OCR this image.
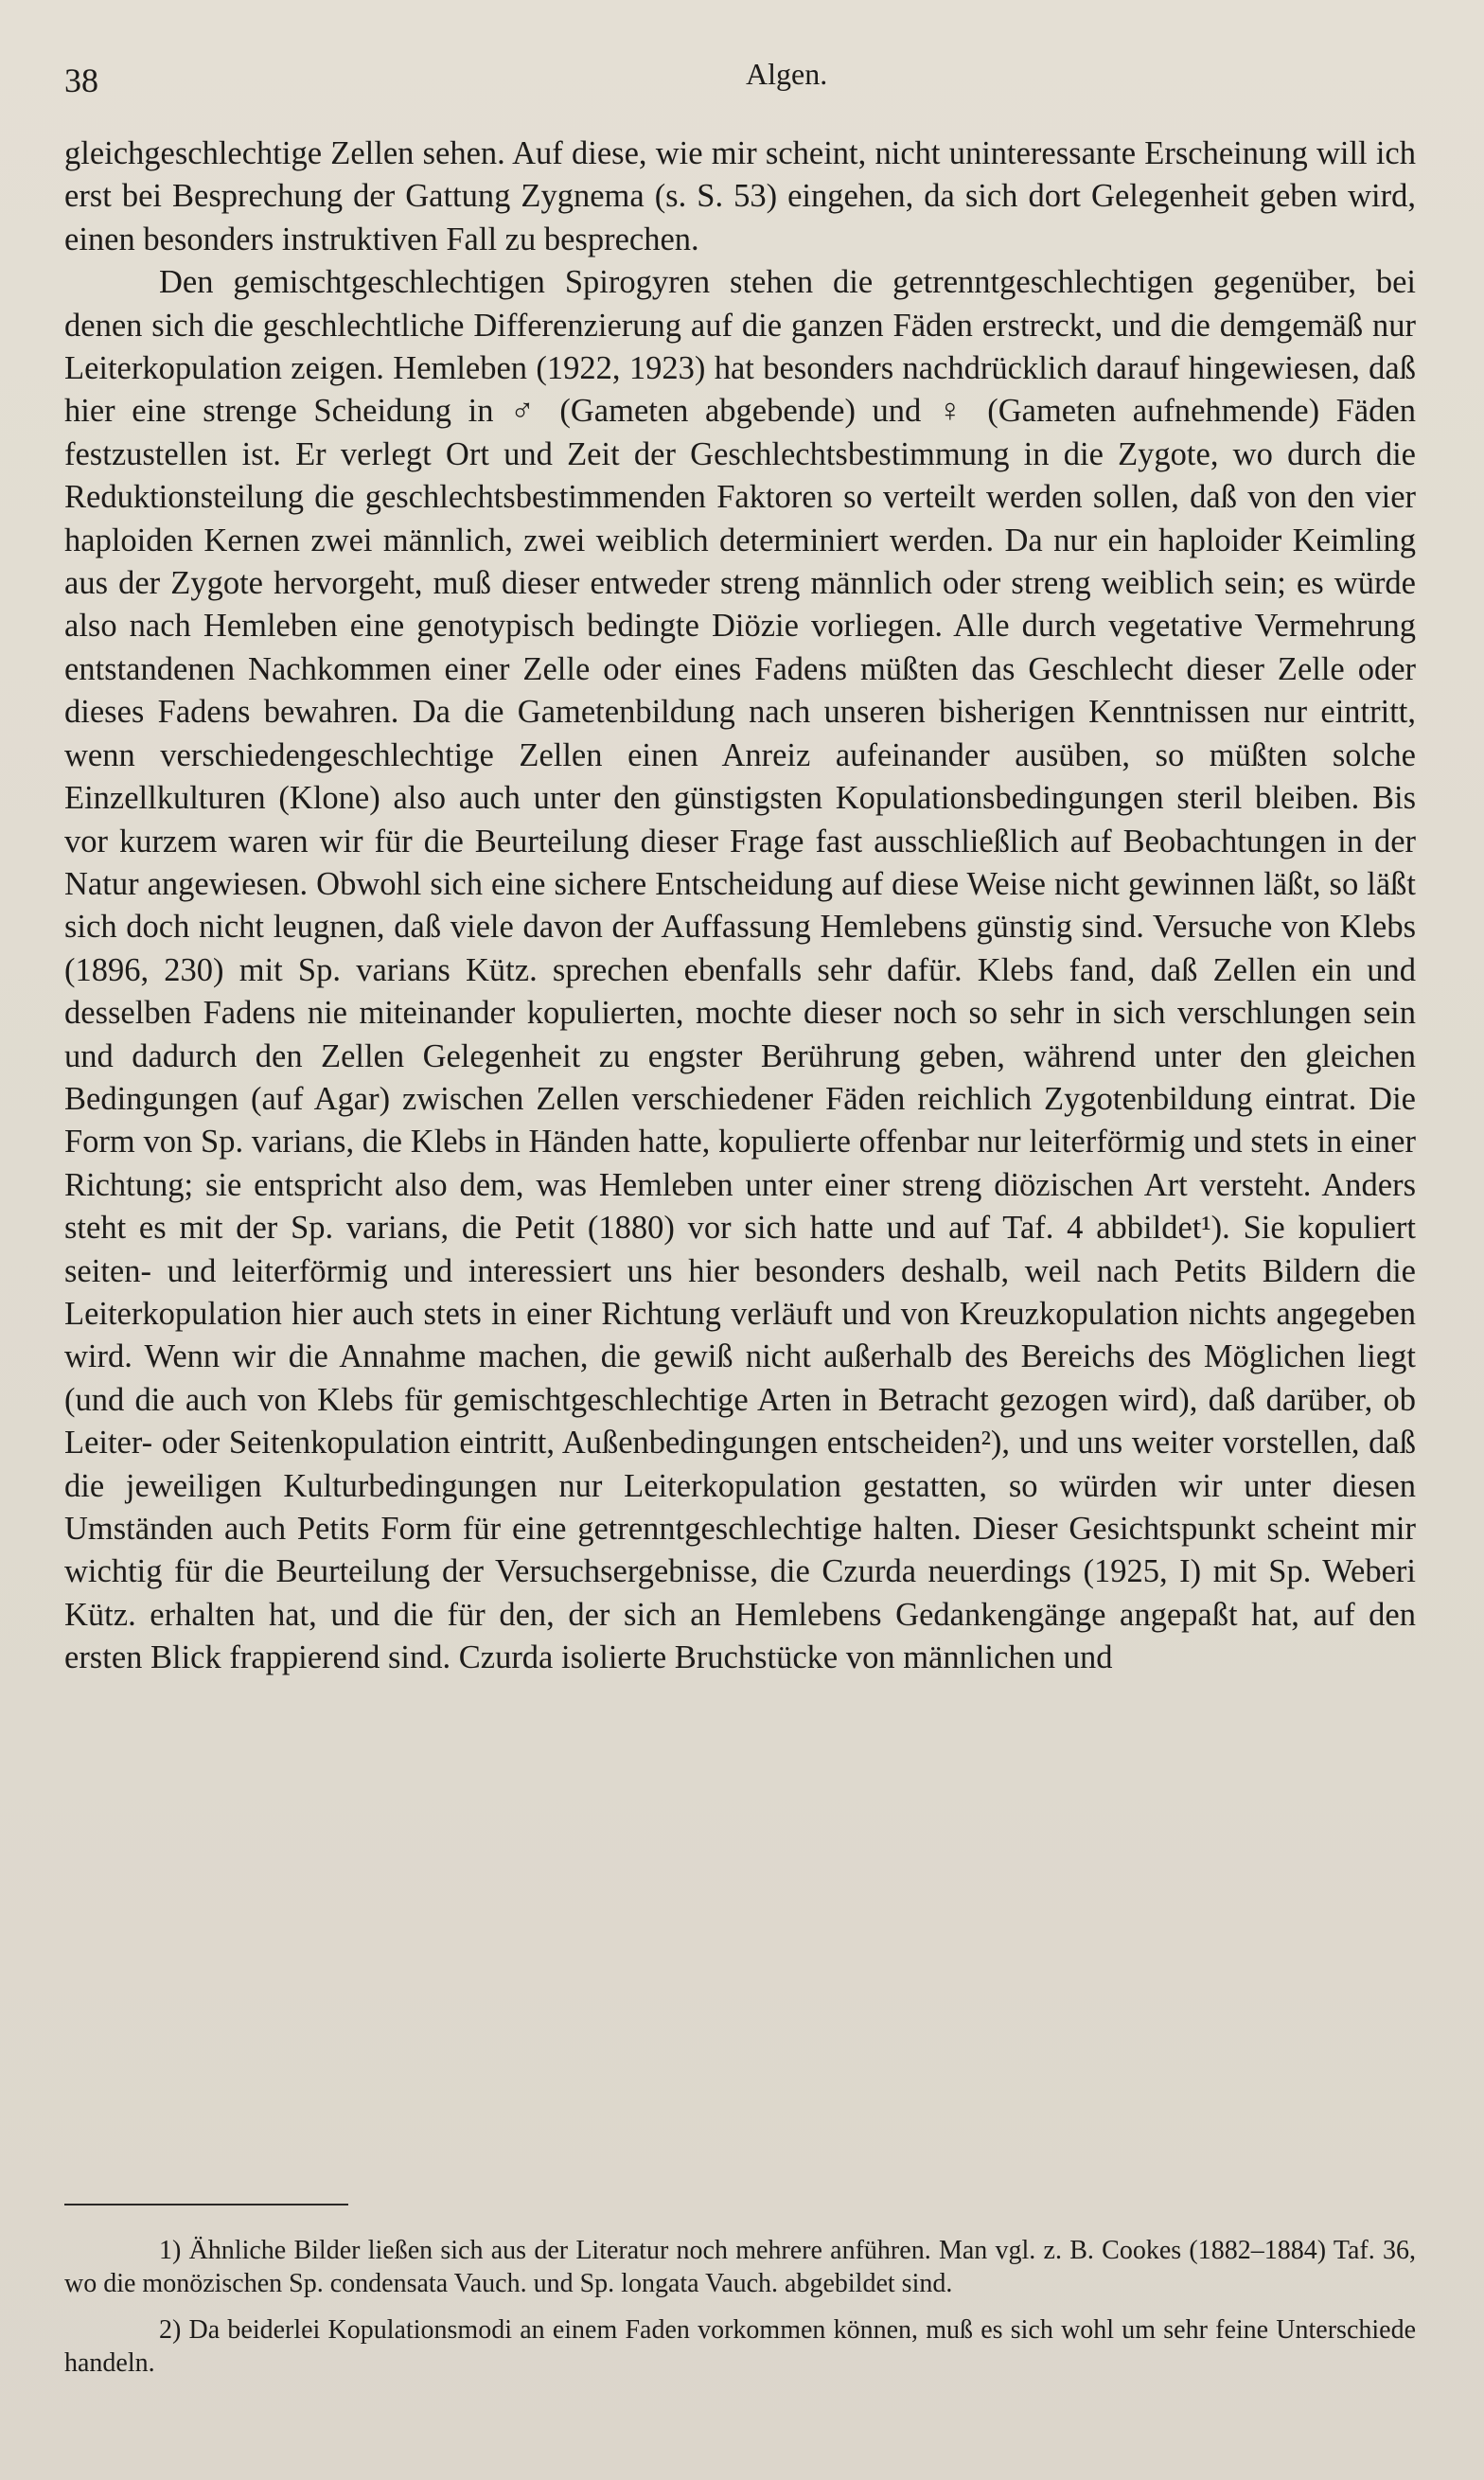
38	Algen.

gleichgeschlechtige Zellen sehen. Auf diese, wie mir scheint, nicht uninteressante Erscheinung will ich erst bei Besprechung der Gattung Zygnema (s. S. 53) eingehen, da sich dort Gelegenheit geben wird, einen besonders instruktiven Fall zu besprechen.

Den gemischtgeschlechtigen Spirogyren stehen die getrenntgeschlechtigen gegenüber, bei denen sich die geschlechtliche Differenzierung auf die ganzen Fäden erstreckt, und die demgemäß nur Leiterkopulation zeigen. Hemleben (1922, 1923) hat besonders nachdrücklich darauf hingewiesen, daß hier eine strenge Scheidung in ♂ (Gameten abgebende) und ♀ (Gameten aufnehmende) Fäden festzustellen ist. Er verlegt Ort und Zeit der Geschlechtsbestimmung in die Zygote, wo durch die Reduktionsteilung die geschlechtsbestimmenden Faktoren so verteilt werden sollen, daß von den vier haploiden Kernen zwei männlich, zwei weiblich determiniert werden. Da nur ein haploider Keimling aus der Zygote hervorgeht, muß dieser entweder streng männlich oder streng weiblich sein; es würde also nach Hemleben eine genotypisch bedingte Diözie vorliegen. Alle durch vegetative Vermehrung entstandenen Nachkommen einer Zelle oder eines Fadens müßten das Geschlecht dieser Zelle oder dieses Fadens bewahren. Da die Gametenbildung nach unseren bisherigen Kenntnissen nur eintritt, wenn verschiedengeschlechtige Zellen einen Anreiz aufeinander ausüben, so müßten solche Einzellkulturen (Klone) also auch unter den günstigsten Kopulationsbedingungen steril bleiben. Bis vor kurzem waren wir für die Beurteilung dieser Frage fast ausschließlich auf Beobachtungen in der Natur angewiesen. Obwohl sich eine sichere Entscheidung auf diese Weise nicht gewinnen läßt, so läßt sich doch nicht leugnen, daß viele davon der Auffassung Hemlebens günstig sind. Versuche von Klebs (1896, 230) mit Sp. varians Kütz. sprechen ebenfalls sehr dafür. Klebs fand, daß Zellen ein und desselben Fadens nie miteinander kopulierten, mochte dieser noch so sehr in sich verschlungen sein und dadurch den Zellen Gelegenheit zu engster Berührung geben, während unter den gleichen Bedingungen (auf Agar) zwischen Zellen verschiedener Fäden reichlich Zygotenbildung eintrat. Die Form von Sp. varians, die Klebs in Händen hatte, kopulierte offenbar nur leiterförmig und stets in einer Richtung; sie entspricht also dem, was Hemleben unter einer streng diözischen Art versteht. Anders steht es mit der Sp. varians, die Petit (1880) vor sich hatte und auf Taf. 4 abbildet¹). Sie kopuliert seiten- und leiterförmig und interessiert uns hier besonders deshalb, weil nach Petits Bildern die Leiterkopulation hier auch stets in einer Richtung verläuft und von Kreuzkopulation nichts angegeben wird. Wenn wir die Annahme machen, die gewiß nicht außerhalb des Bereichs des Möglichen liegt (und die auch von Klebs für gemischtgeschlechtige Arten in Betracht gezogen wird), daß darüber, ob Leiter- oder Seitenkopulation eintritt, Außenbedingungen entscheiden²), und uns weiter vorstellen, daß die jeweiligen Kulturbedingungen nur Leiterkopulation gestatten, so würden wir unter diesen Umständen auch Petits Form für eine getrenntgeschlechtige halten. Dieser Gesichtspunkt scheint mir wichtig für die Beurteilung der Versuchsergebnisse, die Czurda neuerdings (1925, I) mit Sp. Weberi Kütz. erhalten hat, und die für den, der sich an Hemlebens Gedankengänge angepaßt hat, auf den ersten Blick frappierend sind. Czurda isolierte Bruchstücke von männlichen und

1) Ähnliche Bilder ließen sich aus der Literatur noch mehrere anführen. Man vgl. z. B. Cookes (1882–1884) Taf. 36, wo die monözischen Sp. condensata Vauch. und Sp. longata Vauch. abgebildet sind.

2) Da beiderlei Kopulationsmodi an einem Faden vorkommen können, muß es sich wohl um sehr feine Unterschiede handeln.
